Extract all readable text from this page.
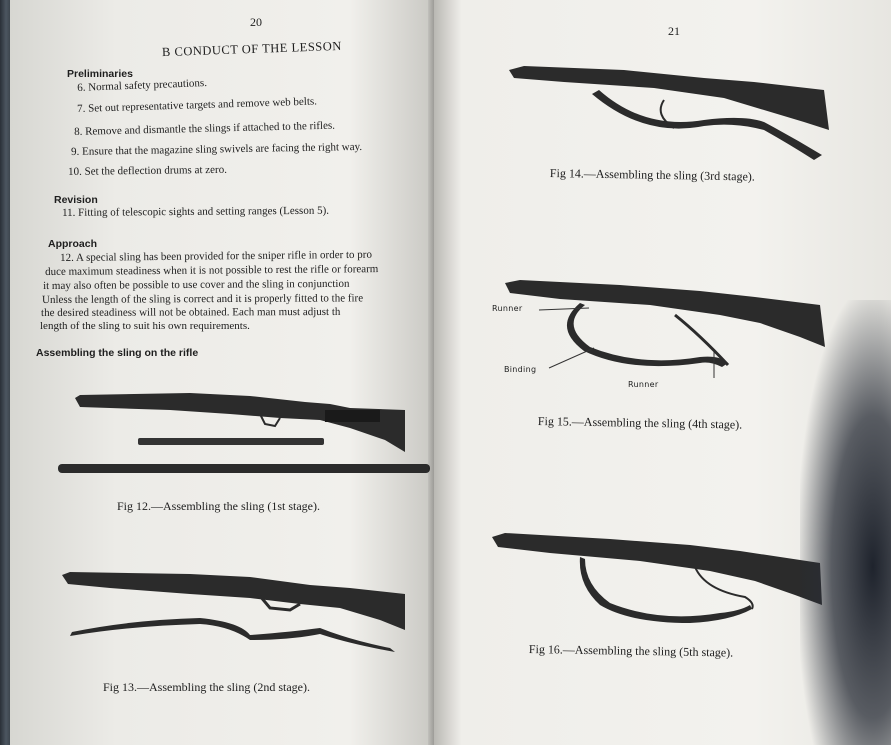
20
B CONDUCT OF THE LESSON
Preliminaries
6. Normal safety precautions.
7. Set out representative targets and remove web belts.
8. Remove and dismantle the slings if attached to the rifles.
9. Ensure that the magazine sling swivels are facing the right way.
10. Set the deflection drums at zero.
Revision
11. Fitting of telescopic sights and setting ranges (Lesson 5).
Approach
12. A special sling has been provided for the sniper rifle in order to pro
duce maximum steadiness when it is not possible to rest the rifle or forearm
it may also often be possible to use cover and the sling in conjunction
Unless the length of the sling is correct and it is properly fitted to the fire
the desired steadiness will not be obtained. Each man must adjust th
length of the sling to suit his own requirements.
Assembling the sling on the rifle
Fig 12.—Assembling the sling (1st stage).
Fig 13.—Assembling the sling (2nd stage).
21
Fig 14.—Assembling the sling (3rd stage).
Runner
Binding
Runner
Fig 15.—Assembling the sling (4th stage).
Fig 16.—Assembling the sling (5th stage).
